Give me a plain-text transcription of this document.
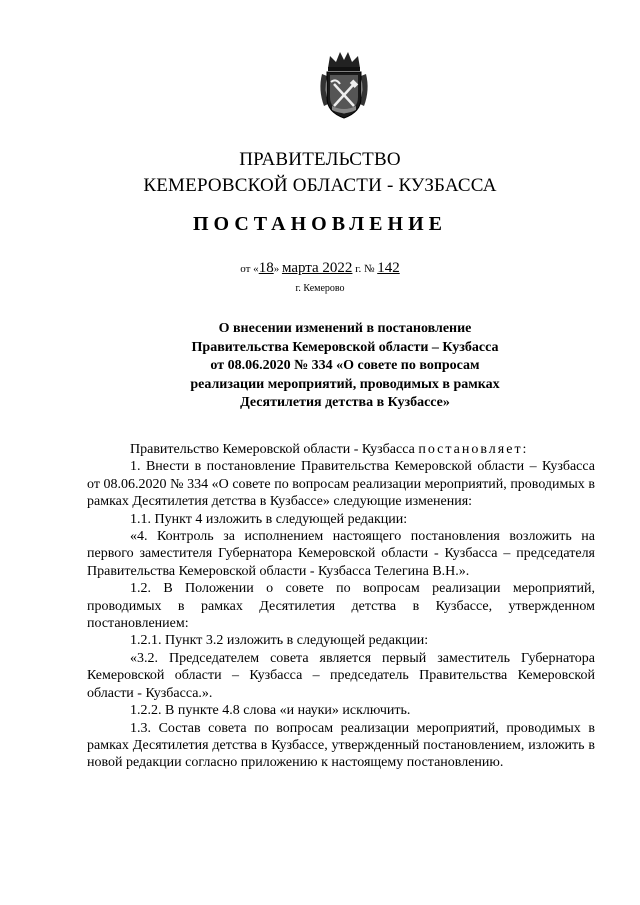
ПРАВИТЕЛЬСТВО
КЕМЕРОВСКОЙ ОБЛАСТИ - КУЗБАССА
ПОСТАНОВЛЕНИЕ
от «18» марта 2022 г. № 142
г. Кемерово
О внесении изменений в постановление
Правительства Кемеровской области – Кузбасса
от 08.06.2020 № 334 «О совете по вопросам
реализации мероприятий, проводимых в рамках
Десятилетия детства в Кузбассе»

Правительство Кемеровской области - Кузбасса постановляет:

1. Внести в постановление Правительства Кемеровской области – Кузбасса от 08.06.2020 № 334 «О совете по вопросам реализации мероприятий, проводимых в рамках Десятилетия детства в Кузбассе» следующие изменения:

1.1. Пункт 4 изложить в следующей редакции:

«4. Контроль за исполнением настоящего постановления возложить на первого заместителя Губернатора Кемеровской области - Кузбасса – председателя Правительства Кемеровской области - Кузбасса Телегина В.Н.».

1.2. В Положении о совете по вопросам реализации мероприятий, проводимых в рамках Десятилетия детства в Кузбассе, утвержденном постановлением:

1.2.1. Пункт 3.2 изложить в следующей редакции:

«3.2. Председателем совета является первый заместитель Губернатора Кемеровской области – Кузбасса – председатель Правительства Кемеровской области - Кузбасса.».

1.2.2. В пункте 4.8 слова «и науки» исключить.

1.3. Состав совета по вопросам реализации мероприятий, проводимых в рамках Десятилетия детства в Кузбассе, утвержденный постановлением, изложить в новой редакции согласно приложению к настоящему постановлению.
